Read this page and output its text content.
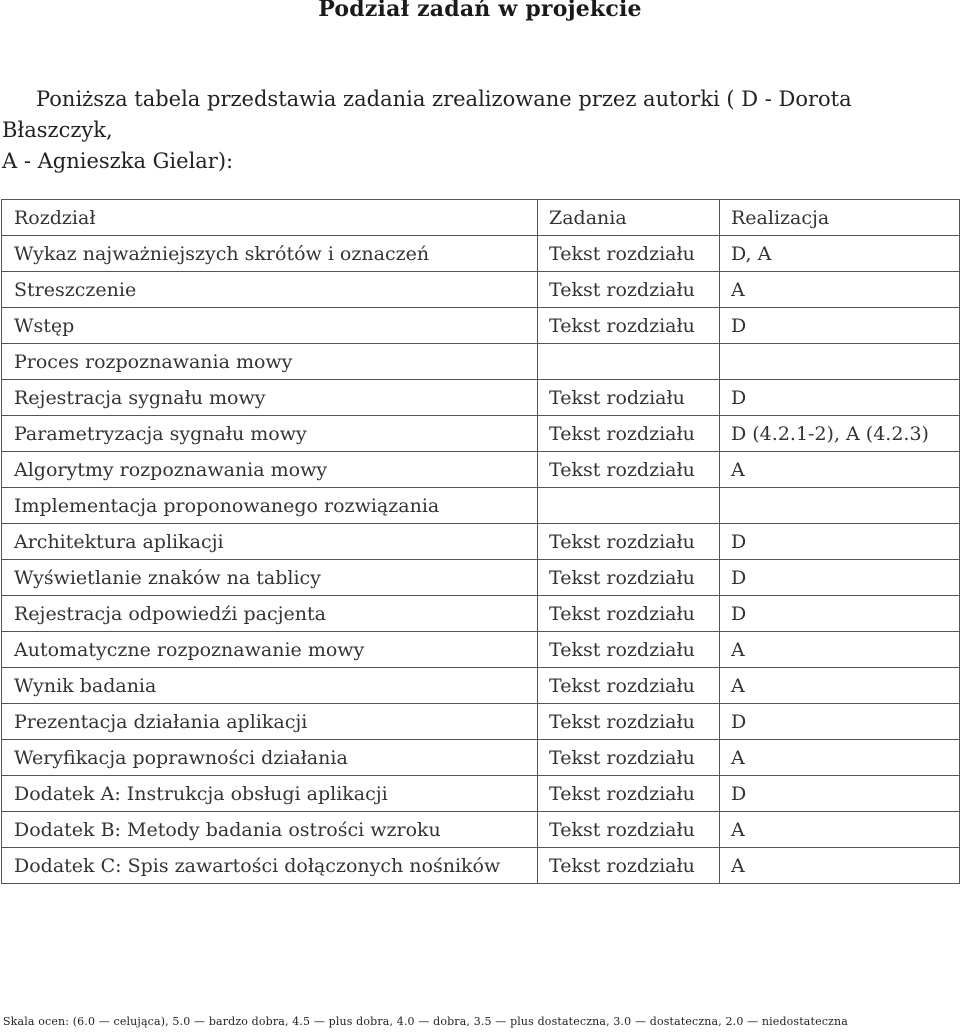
Podział zadań w projekcie
Poniższa tabela przedstawia zadania zrealizowane przez autorki ( D - Dorota Błaszczyk,
A - Agnieszka Gielar):
Rozdział	Zadania	Realizacja
Wykaz najważniejszych skrótów i oznaczeń	Tekst rozdziału	D, A
Streszczenie	Tekst rozdziału	A
Wstęp	Tekst rozdziału	D
Proces rozpoznawania mowy		
Rejestracja sygnału mowy	Tekst rodziału	D
Parametryzacja sygnału mowy	Tekst rozdziału	D (4.2.1-2), A (4.2.3)
Algorytmy rozpoznawania mowy	Tekst rozdziału	A
Implementacja proponowanego rozwiązania		
Architektura aplikacji	Tekst rozdziału	D
Wyświetlanie znaków na tablicy	Tekst rozdziału	D
Rejestracja odpowiedźi pacjenta	Tekst rozdziału	D
Automatyczne rozpoznawanie mowy	Tekst rozdziału	A
Wynik badania	Tekst rozdziału	A
Prezentacja działania aplikacji	Tekst rozdziału	D
Weryfikacja poprawności działania	Tekst rozdziału	A
Dodatek A: Instrukcja obsługi aplikacji	Tekst rozdziału	D
Dodatek B: Metody badania ostrości wzroku	Tekst rozdziału	A
Dodatek C: Spis zawartości dołączonych nośników	Tekst rozdziału	A
Skala ocen: (6.0 — celująca), 5.0 — bardzo dobra, 4.5 — plus dobra, 4.0 — dobra, 3.5 — plus dostateczna, 3.0 — dostateczna, 2.0 — niedostateczna
